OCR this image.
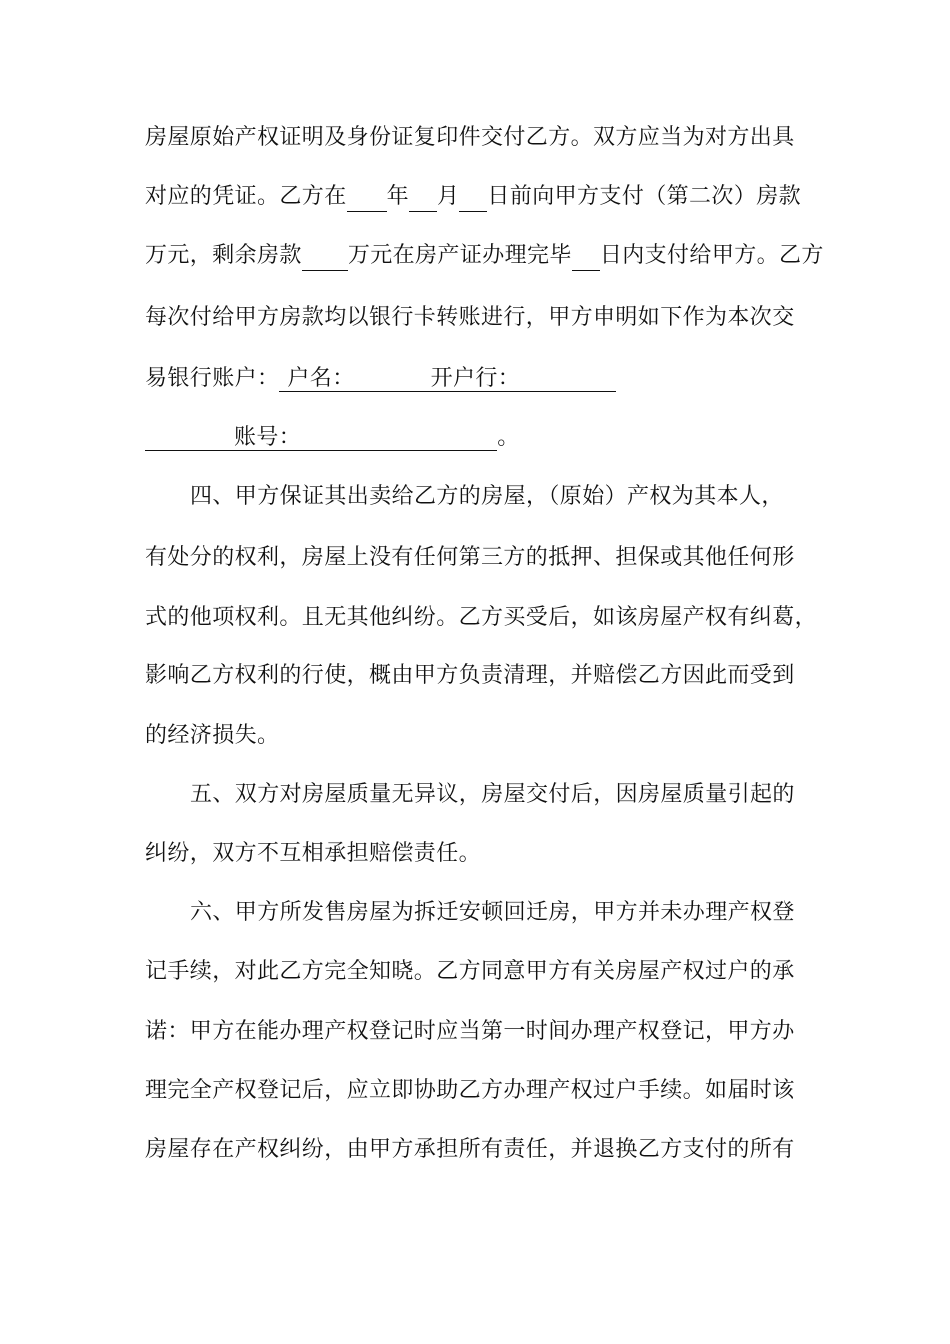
房屋原始产权证明及身份证复印件交付乙方。双方应当为对方出具
对应的凭证。乙方在 年 月 日前向甲方支付（第二次）房款
万元，剩余房款 万元在房产证办理完毕 日内支付给甲方。乙方
每次付给甲方房款均以银行卡转账进行，甲方申明如下作为本次交
易银行账户： 户名：	开户行：
账号：	。
四、甲方保证其出卖给乙方的房屋，（原始）产权为其本人，
有处分的权利，房屋上没有任何第三方的抵押、担保或其他任何形
式的他项权利。且无其他纠纷。乙方买受后，如该房屋产权有纠葛，
影响乙方权利的行使，概由甲方负责清理，并赔偿乙方因此而受到
的经济损失。
五、双方对房屋质量无异议，房屋交付后，因房屋质量引起的
纠纷，双方不互相承担赔偿责任。
六、甲方所发售房屋为拆迁安顿回迁房，甲方并未办理产权登
记手续，对此乙方完全知晓。乙方同意甲方有关房屋产权过户的承
诺：甲方在能办理产权登记时应当第一时间办理产权登记，甲方办
理完全产权登记后，应立即协助乙方办理产权过户手续。如届时该
房屋存在产权纠纷，由甲方承担所有责任，并退换乙方支付的所有
